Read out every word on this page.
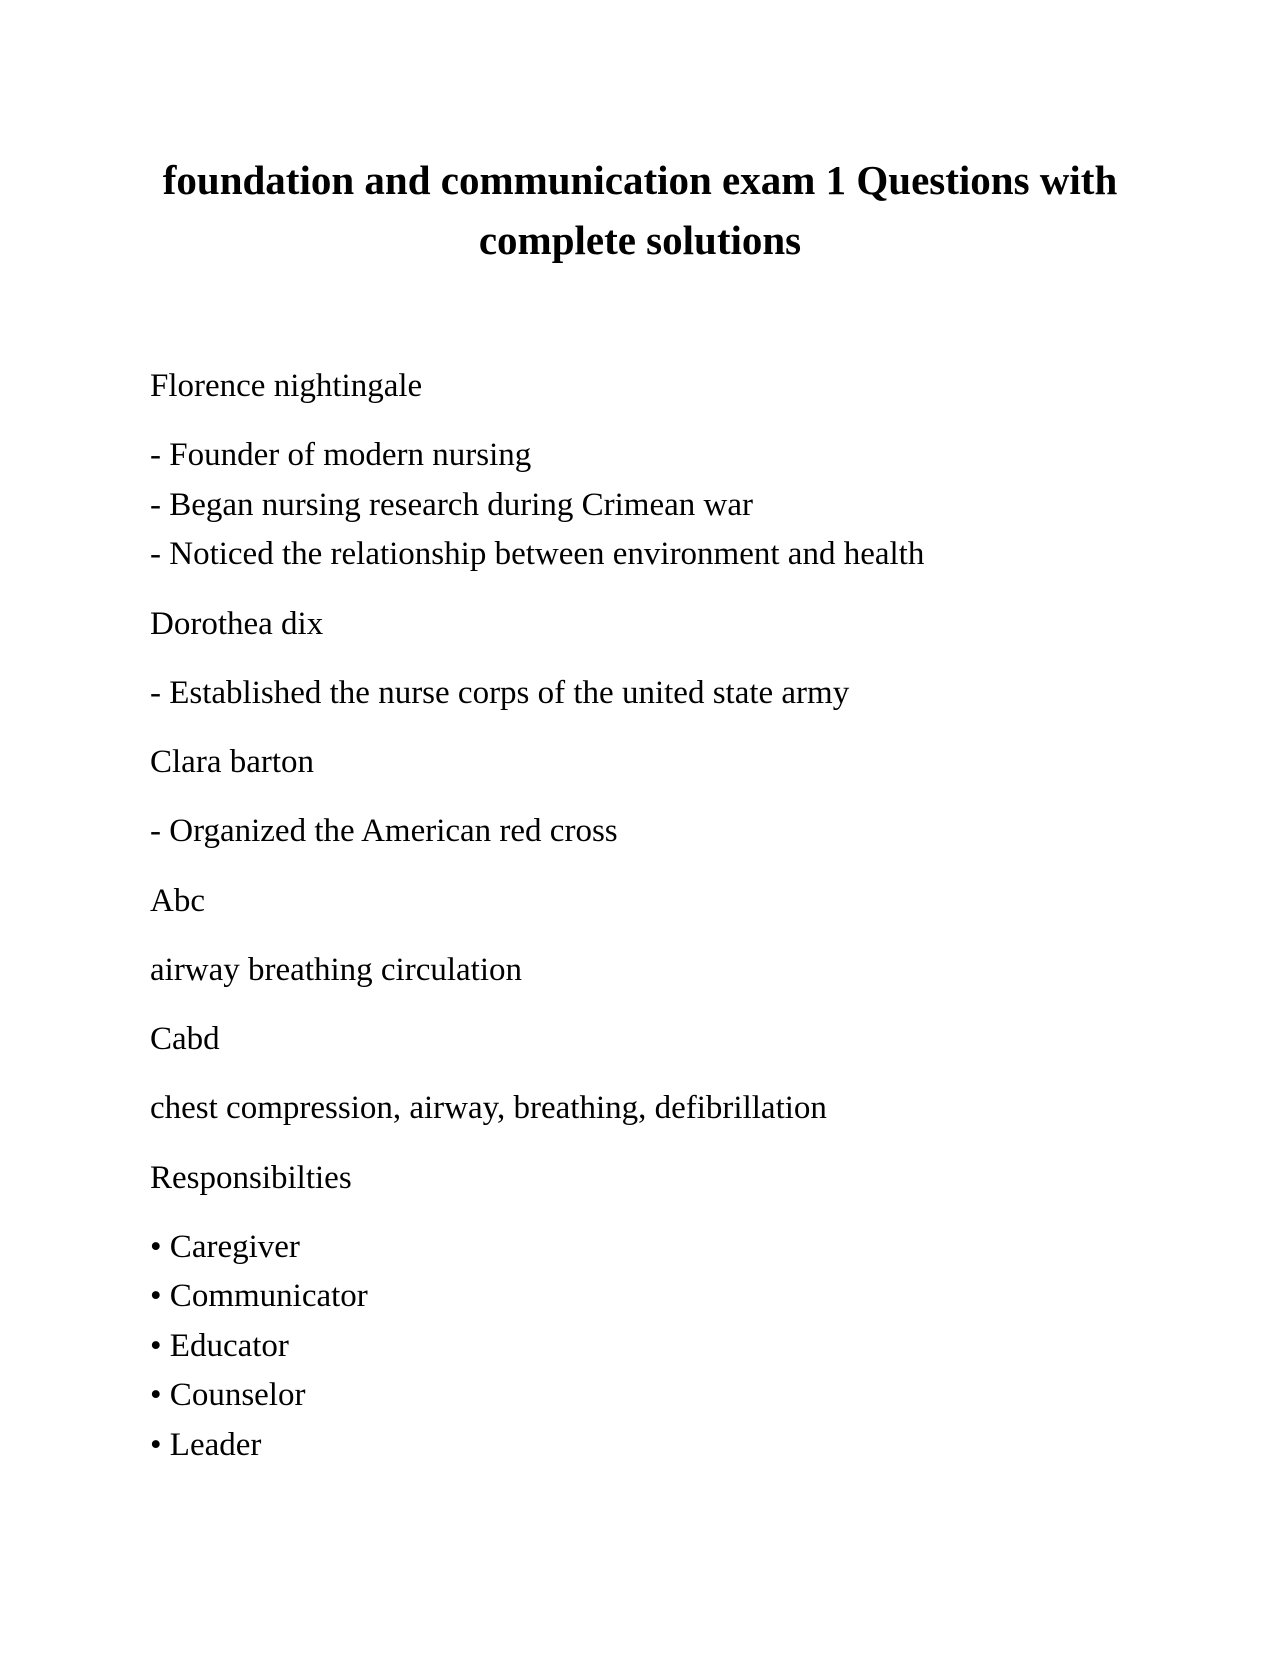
foundation and communication exam 1 Questions with complete solutions
Florence nightingale
- Founder of modern nursing
- Began nursing research during Crimean war
- Noticed the relationship between environment and health
Dorothea dix
- Established the nurse corps of the united state army
Clara barton
- Organized the American red cross
Abc
airway breathing circulation
Cabd
chest compression, airway, breathing, defibrillation
Responsibilties
• Caregiver
• Communicator
• Educator
• Counselor
• Leader
